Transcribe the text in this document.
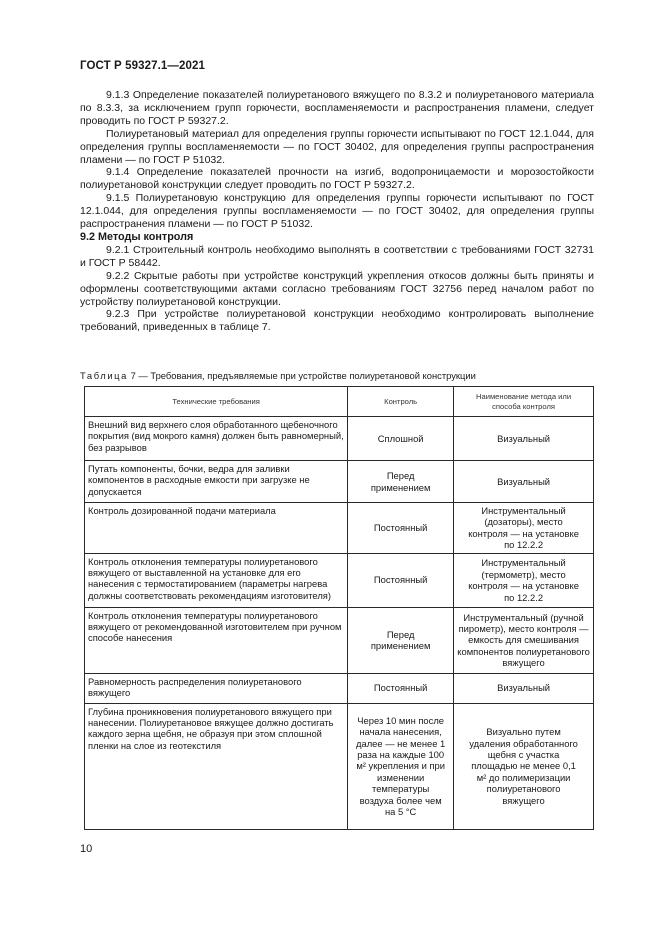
ГОСТ Р 59327.1—2021

9.1.3 Определение показателей полиуретанового вяжущего по 8.3.2 и полиуретанового материала по 8.3.3, за исключением групп горючести, воспламеняемости и распространения пламени, следует проводить по ГОСТ Р 59327.2.

Полиуретановый материал для определения группы горючести испытывают по ГОСТ 12.1.044, для определения группы воспламеняемости — по ГОСТ 30402, для определения группы распространения пламени — по ГОСТ Р 51032.

9.1.4 Определение показателей прочности на изгиб, водопроницаемости и морозостойкости полиуретановой конструкции следует проводить по ГОСТ Р 59327.2.

9.1.5 Полиуретановую конструкцию для определения группы горючести испытывают по ГОСТ 12.1.044, для определения группы воспламеняемости — по ГОСТ 30402, для определения группы распространения пламени — по ГОСТ Р 51032.

9.2 Методы контроля

9.2.1 Строительный контроль необходимо выполнять в соответствии с требованиями ГОСТ 32731 и ГОСТ Р 58442.

9.2.2 Скрытые работы при устройстве конструкций укрепления откосов должны быть приняты и оформлены соответствующими актами согласно требованиям ГОСТ 32756 перед началом работ по устройству полиуретановой конструкции.

9.2.3 При устройстве полиуретановой конструкции необходимо контролировать выполнение требований, приведенных в таблице 7.

Таблица 7 — Требования, предъявляемые при устройстве полиуретановой конструкции
Технические требования	Контроль	Наименование метода или способа контроля
Внешний вид верхнего слоя обработанного щебеночного покрытия (вид мокрого камня) должен быть равномерный, без разрывов	Сплошной	Визуальный
Путать компоненты, бочки, ведра для заливки компонентов в расходные емкости при загрузке не допускается	Перед применением	Визуальный
Контроль дозированной подачи материала	Постоянный	Инструментальный (дозаторы), место контроля — на установке по 12.2.2
Контроль отклонения температуры полиуретанового вяжущего от выставленной на установке для его нанесения с термостатированием (параметры нагрева должны соответствовать рекомендациям изготовителя)	Постоянный	Инструментальный (термометр), место контроля — на установке по 12.2.2
Контроль отклонения температуры полиуретанового вяжущего от рекомендованной изготовителем при ручном способе нанесения	Перед применением	Инструментальный (ручной пирометр), место контроля — емкость для смешивания компонентов полиуретанового вяжущего
Равномерность распределения полиуретанового вяжущего	Постоянный	Визуальный
Глубина проникновения полиуретанового вяжущего при нанесении. Полиуретановое вяжущее должно достигать каждого зерна щебня, не образуя при этом сплошной пленки на слое из геотекстиля	Через 10 мин после начала нанесения, далее — не менее 1 раза на каждые 100 м² укрепления и при изменении температуры воздуха более чем на 5 °С	Визуально путем удаления обработанного щебня с участка площадью не менее 0,1 м² до полимеризации полиуретанового вяжущего
10
